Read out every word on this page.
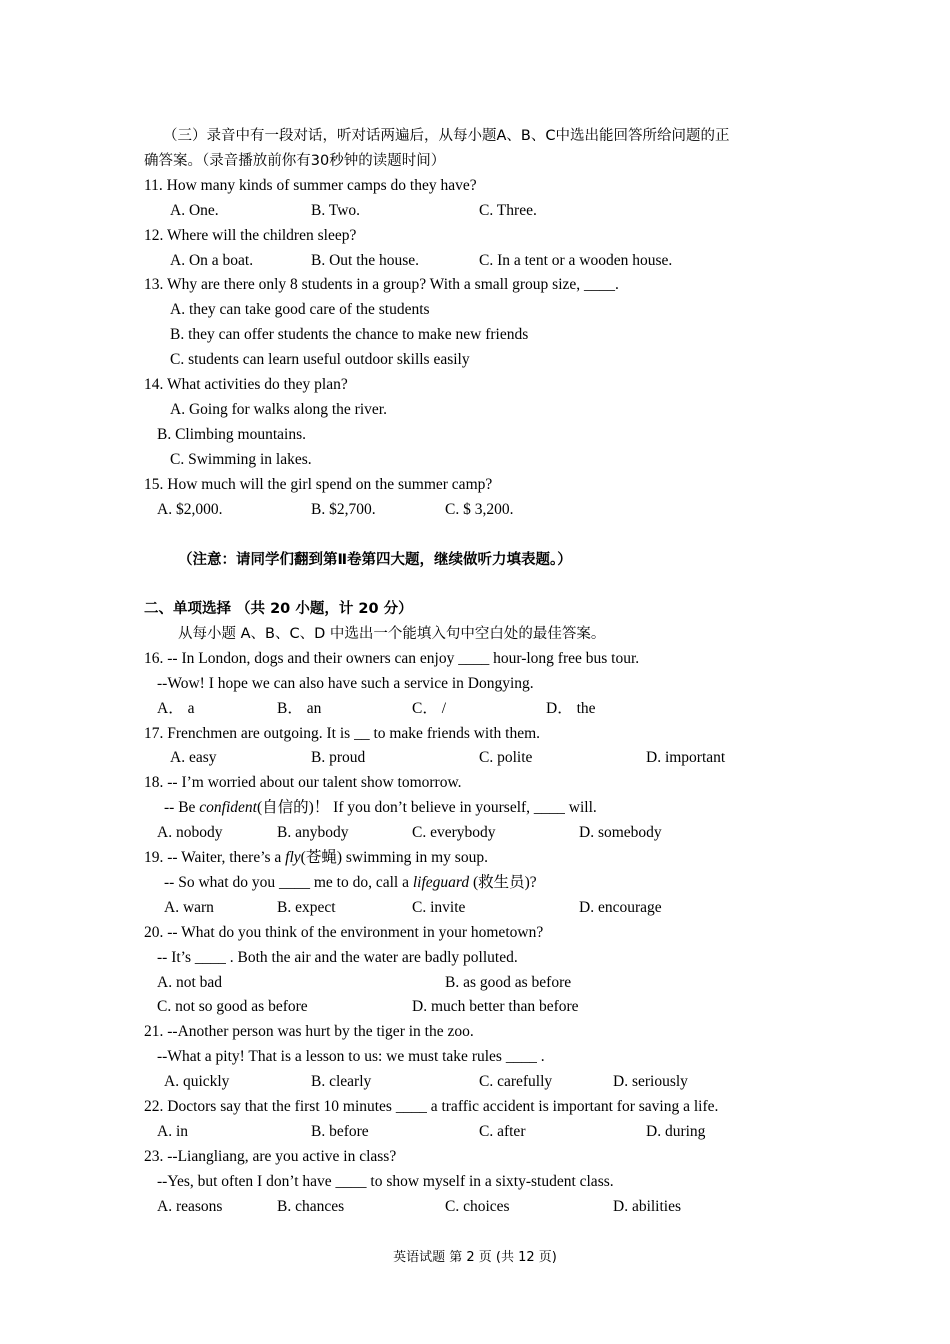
（三）录音中有一段对话，听对话两遍后，从每小题A、B、C中选出能回答所给问题的正
确答案。（录音播放前你有30秒钟的读题时间）
11. How many kinds of summer camps do they have?
A. One.	B. Two.	C. Three.
12. Where will the children sleep?
A. On a boat.	B. Out the house.	C. In a tent or a wooden house.
13. Why are there only 8 students in a group? With a small group size, ____.
A. they can take good care of the students
B. they can offer students the chance to make new friends
C. students can learn useful outdoor skills easily
14. What activities do they plan?
A. Going for walks along the river.
B. Climbing mountains.
C. Swimming in lakes.
15. How much will the girl spend on the summer camp?
A. $2,000.	B. $2,700.	C. $ 3,200.
（注意：请同学们翻到第Ⅱ卷第四大题，继续做听力填表题。）
二、单项选择 （共 20 小题，计 20 分）
从每小题 A、B、C、D 中选出一个能填入句中空白处的最佳答案。
16. -- In London, dogs and their owners can enjoy ____ hour-long free bus tour.
--Wow! I hope we can also have such a service in Dongying.
A． a	B． an	C． /	D． the
17. Frenchmen are outgoing. It is __ to make friends with them.
A. easy	B. proud	C. polite	D. important
18. -- I’m worried about our talent show tomorrow.
-- Be confident(自信的)！ If you don’t believe in yourself, ____ will.
A. nobody	B. anybody	C. everybody	D. somebody
19. -- Waiter, there’s a fly(苍蝇) swimming in my soup.
-- So what do you ____ me to do, call a lifeguard (救生员)?
A. warn	B. expect	C. invite	D. encourage
20. -- What do you think of the environment in your hometown?
-- It’s ____ . Both the air and the water are badly polluted.
A. not bad	B. as good as before
C. not so good as before	D. much better than before
21. --Another person was hurt by the tiger in the zoo.
--What a pity! That is a lesson to us: we must take rules ____ .
A. quickly	B. clearly	C. carefully	D. seriously
22. Doctors say that the first 10 minutes ____ a traffic accident is important for saving a life.
A. in	B. before	C. after	D. during
23. --Liangliang, are you active in class?
--Yes, but often I don’t have ____ to show myself in a sixty-student class.
A. reasons	B. chances	C. choices	D. abilities
英语试题 第 2 页 (共 12 页)
